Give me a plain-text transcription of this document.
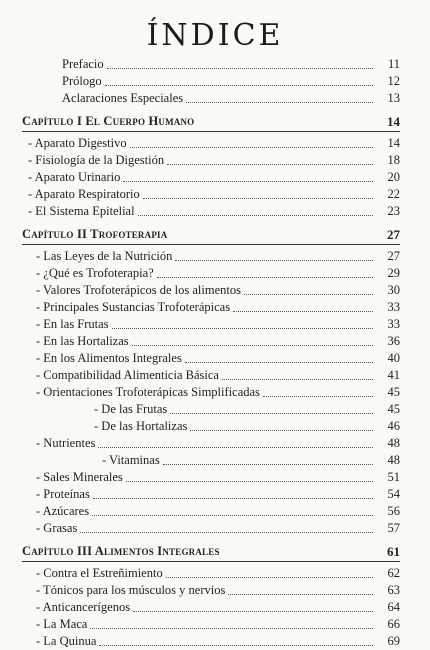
ÍNDICE
Prefacio	11
Prólogo	12
Aclaraciones Especiales	13
Capítulo I El Cuerpo Humano	14
- Aparato Digestivo	14
- Fisiología de la Digestión	18
- Aparato Urinario	20
- Aparato Respiratorio	22
- El Sistema Epitelial	23
Capítulo II Trofoterapia	27
- Las Leyes de la Nutrición	27
- ¿Qué es Trofoterapia?	29
- Valores Trofoterápicos de los alimentos	30
- Principales Sustancias Trofoterápicas	33
- En las Frutas	33
- En las Hortalizas	36
- En los Alimentos Integrales	40
- Compatibilidad Alimenticia Básica	41
- Orientaciones Trofoterápicas Simplificadas	45
- De las Frutas	45
- De las Hortalizas	46
- Nutrientes	48
- Vitaminas	48
- Sales Minerales	51
- Proteínas	54
- Azúcares	56
- Grasas	57
Capítulo III Alimentos Integrales	61
- Contra el Estreñimiento	62
- Tónicos para los músculos y nervios	63
- Anticancerígenos	64
- La Maca	66
- La Quinua	69
